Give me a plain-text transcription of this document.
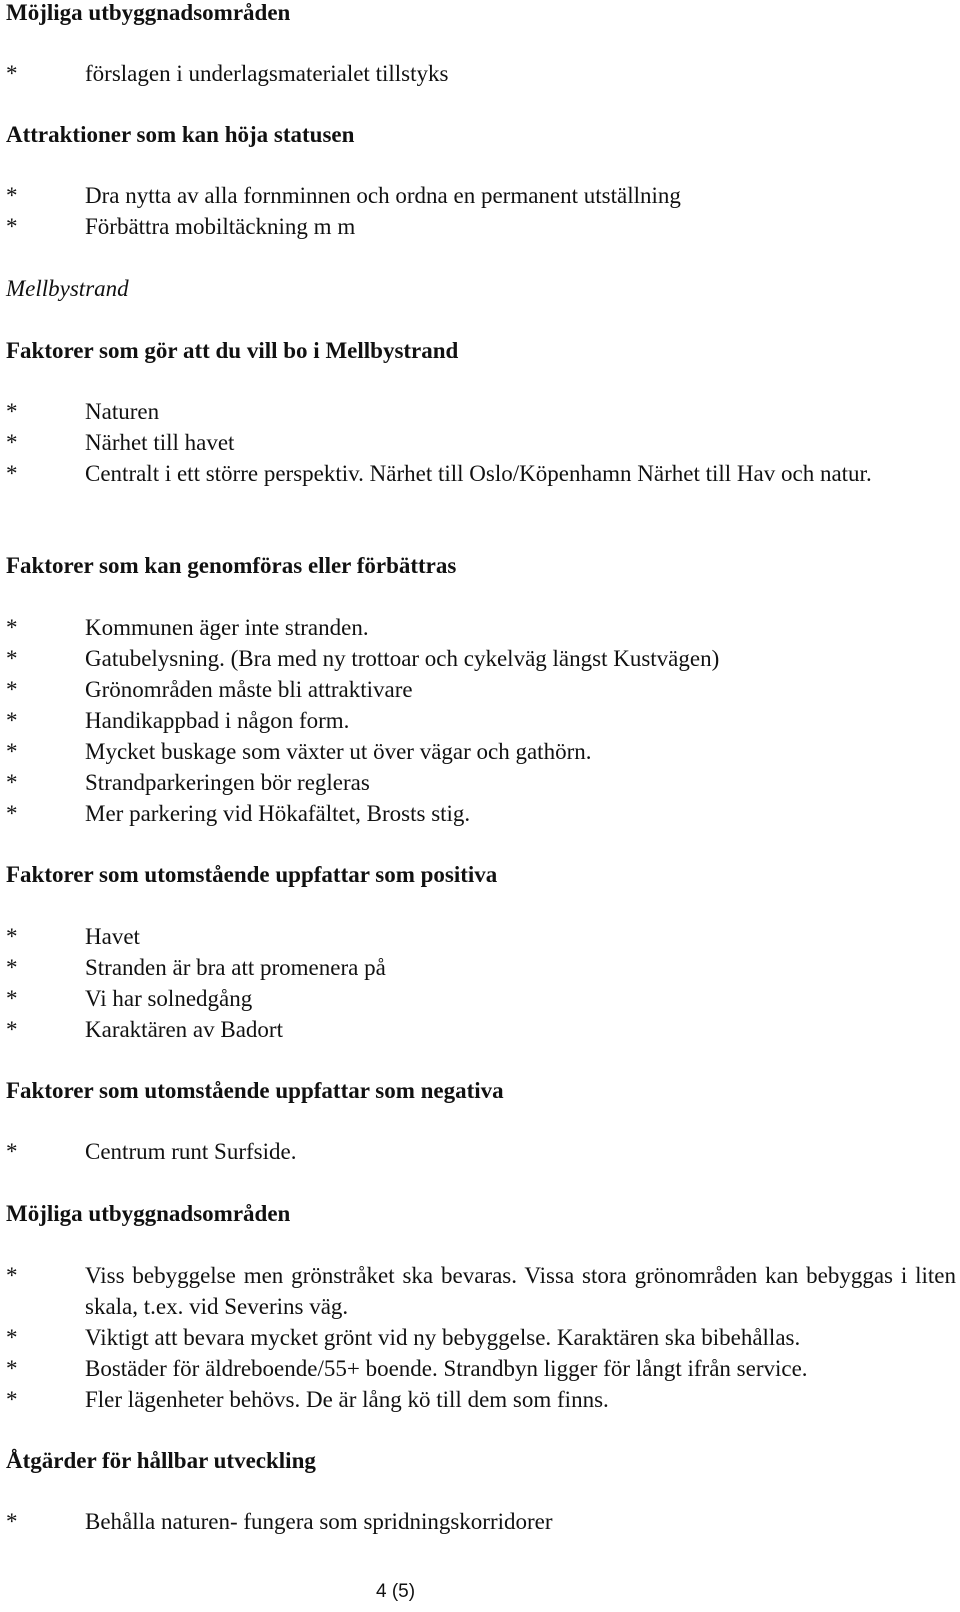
Möjliga utbyggnadsområden
*	förslagen i underlagsmaterialet tillstyks
Attraktioner som kan höja statusen
*	Dra nytta av alla fornminnen och ordna en permanent utställning
*	Förbättra mobiltäckning m m
Mellbystrand
Faktorer som gör att du vill bo i Mellbystrand
*	Naturen
*	Närhet till havet
*	Centralt i ett större perspektiv. Närhet till Oslo/Köpenhamn Närhet till Hav och natur.
Faktorer som kan genomföras eller förbättras
*	Kommunen äger inte stranden.
*	Gatubelysning. (Bra med ny trottoar och cykelväg längst Kustvägen)
*	Grönområden måste bli attraktivare
*	Handikappbad i någon form.
*	Mycket buskage som växter ut över vägar och gathörn.
*	Strandparkeringen bör regleras
*	Mer parkering vid Hökafältet, Brosts stig.
Faktorer som utomstående uppfattar som positiva
*	Havet
*	Stranden är bra att promenera på
*	Vi har solnedgång
*	Karaktären av Badort
Faktorer som utomstående uppfattar som negativa
*	Centrum runt Surfside.
Möjliga utbyggnadsområden
*	Viss bebyggelse men grönstråket ska bevaras. Vissa stora grönområden kan bebyggas i liten skala, t.ex. vid Severins väg.
*	Viktigt att bevara mycket grönt vid ny bebyggelse. Karaktären ska bibehållas.
*	Bostäder för äldreboende/55+ boende. Strandbyn ligger för långt ifrån service.
*	Fler lägenheter behövs. De är lång kö till dem som finns.
Åtgärder för hållbar utveckling
*	Behålla naturen- fungera som spridningskorridorer
4 (5)
